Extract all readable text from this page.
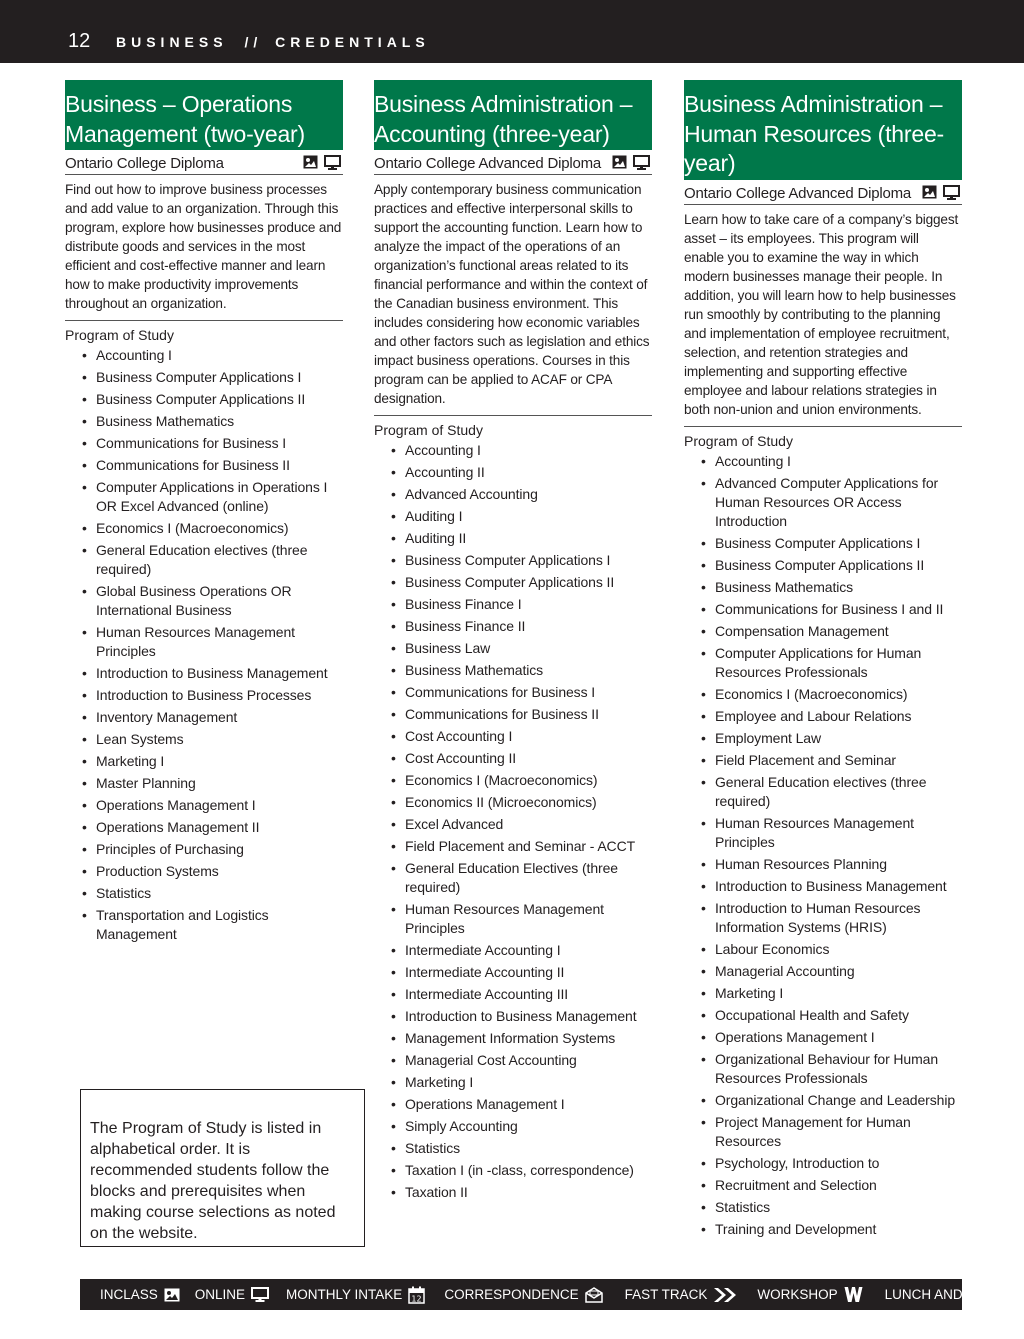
12 BUSINESS // CREDENTIALS
Business – Operations Management (two-year)
Ontario College Diploma
Find out how to improve business processes and add value to an organization. Through this program, explore how businesses produce and distribute goods and services in the most efficient and cost-effective manner and learn how to make productivity improvements throughout an organization.
Program of Study
• Accounting I
• Business Computer Applications I
• Business Computer Applications II
• Business Mathematics
• Communications for Business I
• Communications for Business II
• Computer Applications in Operations I OR Excel Advanced (online)
• Economics I (Macroeconomics)
• General Education electives (three required)
• Global Business Operations OR International Business
• Human Resources Management Principles
• Introduction to Business Management
• Introduction to Business Processes
• Inventory Management
• Lean Systems
• Marketing I
• Master Planning
• Operations Management I
• Operations Management II
• Principles of Purchasing
• Production Systems
• Statistics
• Transportation and Logistics Management
Business Administration – Accounting (three-year)
Ontario College Advanced Diploma
Apply contemporary business communication practices and effective interpersonal skills to support the accounting function. Learn how to analyze the impact of the operations of an organization’s functional areas related to its financial performance and within the context of the Canadian business environment. This includes considering how economic variables and other factors such as legislation and ethics impact business operations. Courses in this program can be applied to ACAF or CPA designation.
Program of Study
• Accounting I
• Accounting II
• Advanced Accounting
• Auditing I
• Auditing II
• Business Computer Applications I
• Business Computer Applications II
• Business Finance I
• Business Finance II
• Business Law
• Business Mathematics
• Communications for Business I
• Communications for Business II
• Cost Accounting I
• Cost Accounting II
• Economics I (Macroeconomics)
• Economics II (Microeconomics)
• Excel Advanced
• Field Placement and Seminar - ACCT
• General Education Electives (three required)
• Human Resources Management Principles
• Intermediate Accounting I
• Intermediate Accounting II
• Intermediate Accounting III
• Introduction to Business Management
• Management Information Systems
• Managerial Cost Accounting
• Marketing I
• Operations Management I
• Simply Accounting
• Statistics
• Taxation I (in -class, correspondence)
• Taxation II
Business Administration – Human Resources (three-year)
Ontario College Advanced Diploma
Learn how to take care of a company’s biggest asset – its employees. This program will enable you to examine the way in which modern businesses manage their people. In addition, you will learn how to help businesses run smoothly by contributing to the planning and implementation of employee recruitment, selection, and retention strategies and implementing and supporting effective employee and labour relations strategies in both non-union and union environments.
Program of Study
• Accounting I
• Advanced Computer Applications for Human Resources OR Access Introduction
• Business Computer Applications I
• Business Computer Applications II
• Business Mathematics
• Communications for Business I and II
• Compensation Management
• Computer Applications for Human Resources Professionals
• Economics I (Macroeconomics)
• Employee and Labour Relations
• Employment Law
• Field Placement and Seminar
• General Education electives (three required)
• Human Resources Management Principles
• Human Resources Planning
• Introduction to Business Management
• Introduction to Human Resources Information Systems (HRIS)
• Labour Economics
• Managerial Accounting
• Marketing I
• Occupational Health and Safety
• Operations Management I
• Organizational Behaviour for Human Resources Professionals
• Organizational Change and Leadership
• Project Management for Human Resources
• Psychology, Introduction to
• Recruitment and Selection
• Statistics
• Training and Development
The Program of Study is listed in alphabetical order. It is recommended students follow the blocks and prerequisites when making course selections as noted on the website.
INCLASS	ONLINE	MONTHLY INTAKE 12 CORRESPONDENCE	FAST TRACK	WORKSHOP	LUNCH AND LEARN
